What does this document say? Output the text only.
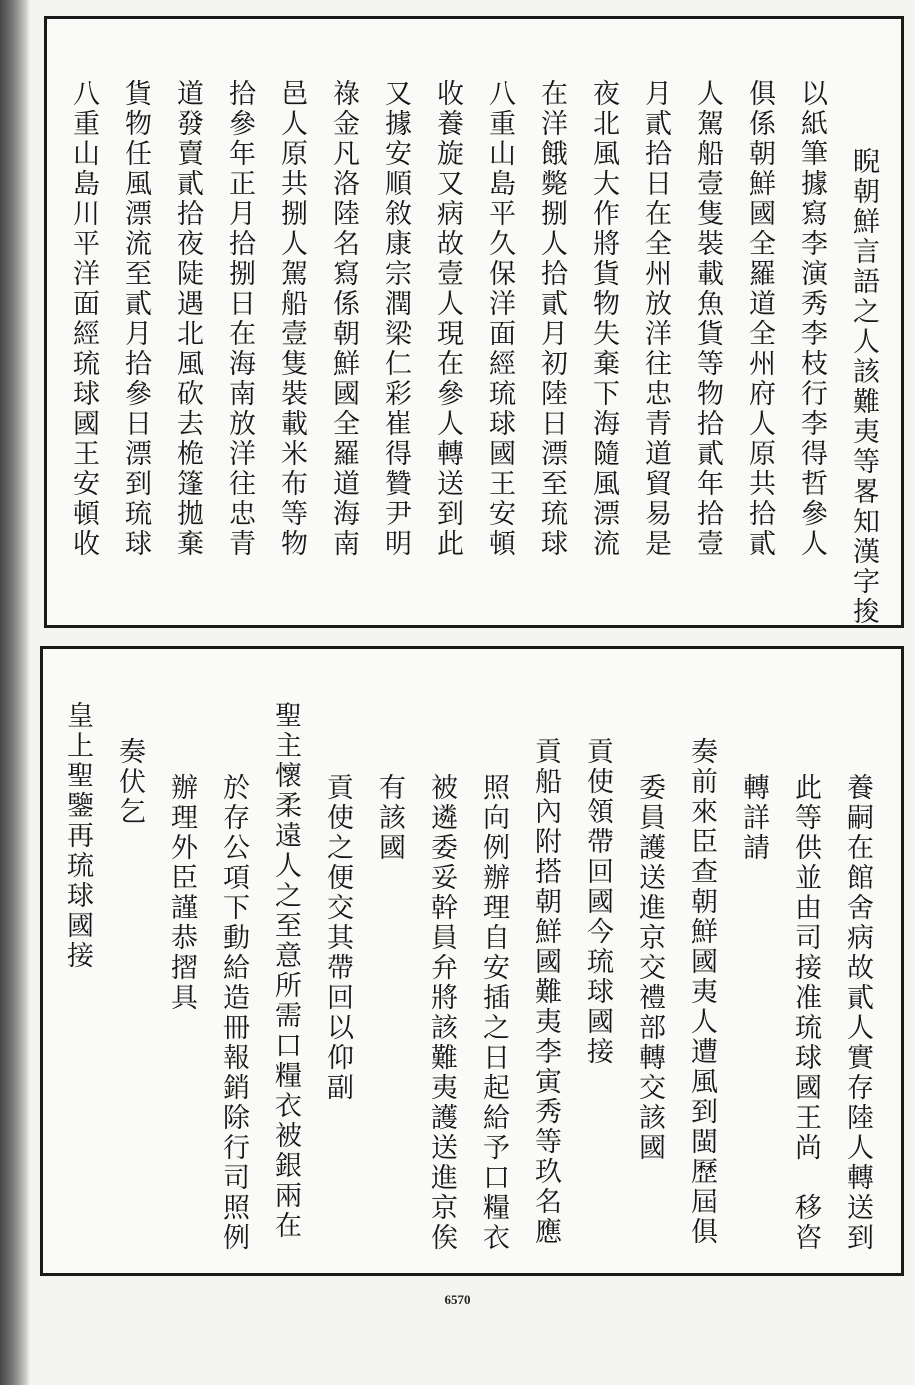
睨朝鮮言語之人該難夷等畧知漢字捘
以紙筆據寫李演秀李枝行李得哲參人
俱係朝鮮國全羅道全州府人原共拾貳
人駕船壹隻裝載魚貨等物拾貳年拾壹
月貳拾日在全州放洋往忠青道貿易是
夜北風大作將貨物失棄下海隨風漂流
在洋餓斃捌人拾貳月初陸日漂至琉球
八重山島平久保洋面經琉球國王安頓
收養旋又病故壹人現在參人轉送到此
又據安順敘康宗潤梁仁彩崔得贊尹明
祿金凡洛陸名寫係朝鮮國全羅道海南
邑人原共捌人駕船壹隻裝載米布等物
拾參年正月拾捌日在海南放洋往忠青
道發賣貳拾夜陡遇北風砍去桅篷拋棄
貨物任風漂流至貳月拾參日漂到琉球
八重山島川平洋面經琉球國王安頓收
養嗣在館舍病故貳人實存陸人轉送到
此等供並由司接准琉球國王尚　移咨
轉詳請
奏前來臣查朝鮮國夷人遭風到閩歷屆俱
委員護送進京交禮部轉交該國
貢使領帶回國今琉球國接
貢船內附搭朝鮮國難夷李寅秀等玖名應
照向例辦理自安插之日起給予口糧衣
被遴委妥幹員弁將該難夷護送進京俟
有該國
貢使之便交其帶回以仰副
聖主懷柔遠人之至意所需口糧衣被銀兩在
於存公項下動給造冊報銷除行司照例
辦理外臣謹恭摺具
奏伏乞
皇上聖鑒再琉球國接
6570
